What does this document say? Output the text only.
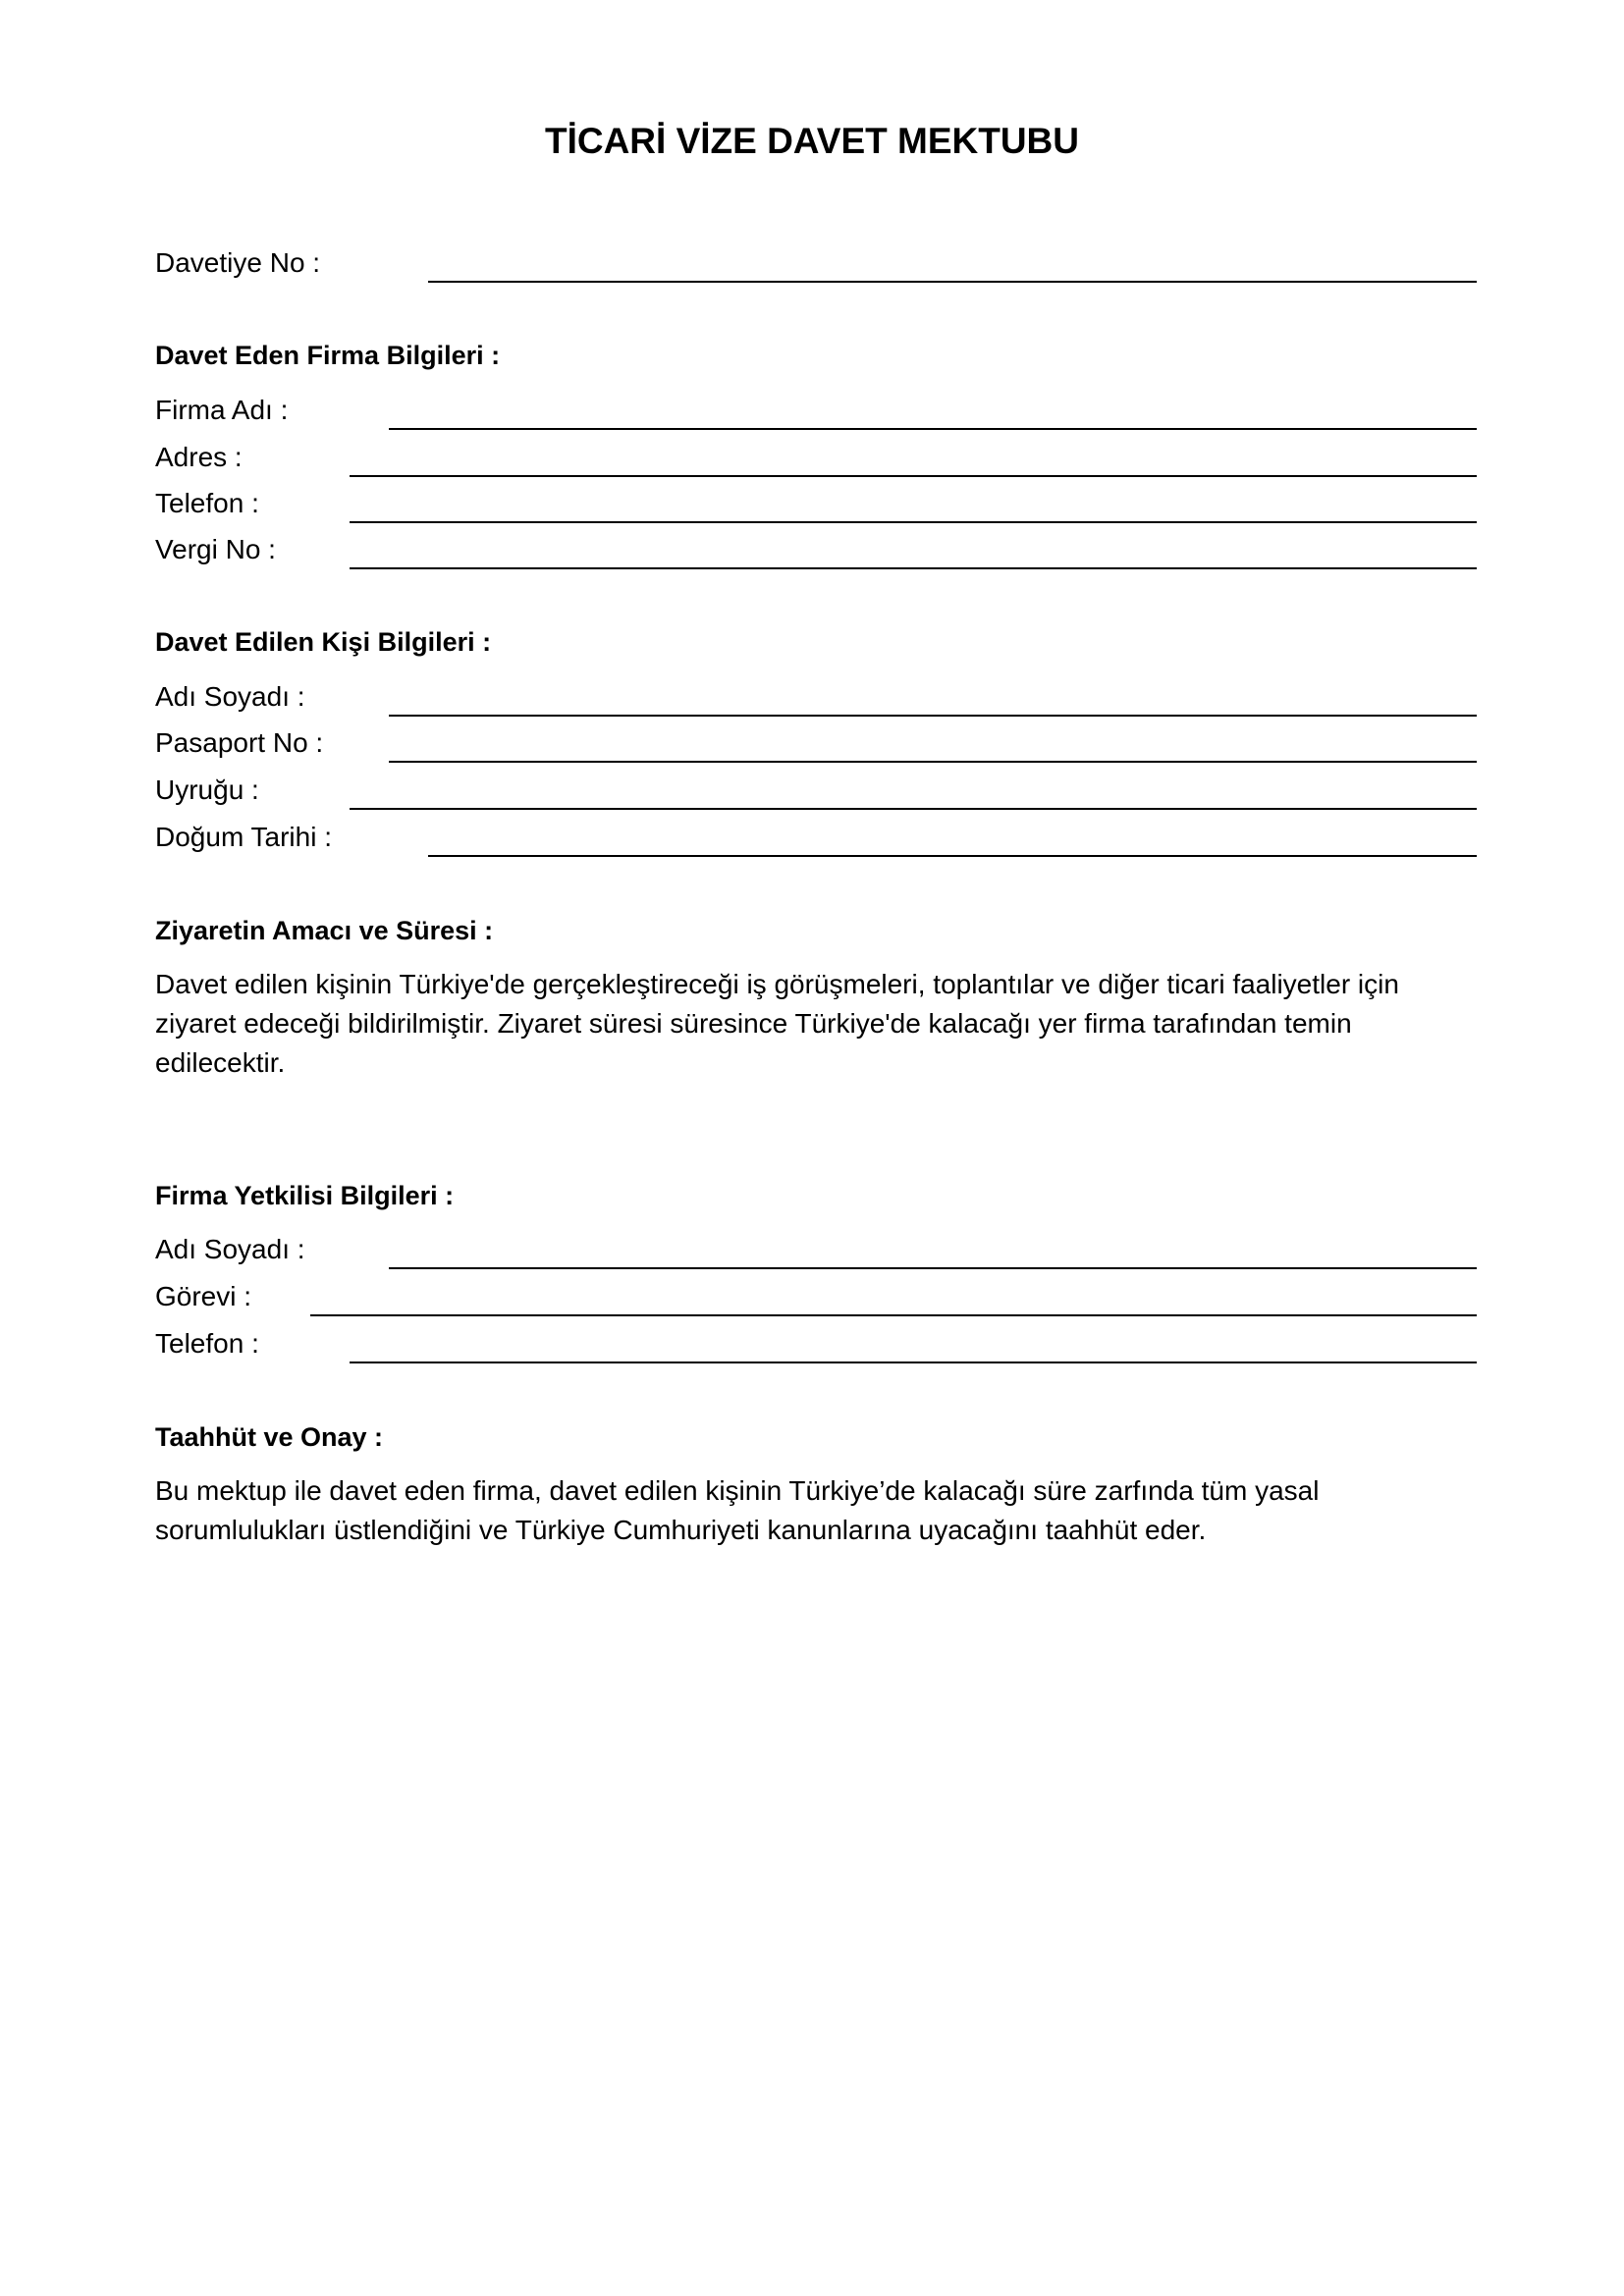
TİCARİ VİZE DAVET MEKTUBU
Davetiye No :
Davet Eden Firma Bilgileri :
Firma Adı :
Adres :
Telefon :
Vergi No :
Davet Edilen Kişi Bilgileri :
Adı Soyadı :
Pasaport No :
Uyruğu :
Doğum Tarihi :
Ziyaretin Amacı ve Süresi :

Davet edilen kişinin Türkiye'de gerçekleştireceği iş görüşmeleri, toplantılar ve diğer ticari faaliyetler için ziyaret edeceği bildirilmiştir. Ziyaret süresi süresince Türkiye'de kalacağı yer firma tarafından temin edilecektir.

Firma Yetkilisi Bilgileri :
Adı Soyadı :
Görevi :
Telefon :
Taahhüt ve Onay :

Bu mektup ile davet eden firma, davet edilen kişinin Türkiye’de kalacağı süre zarfında tüm yasal sorumlulukları üstlendiğini ve Türkiye Cumhuriyeti kanunlarına uyacağını taahhüt eder.
